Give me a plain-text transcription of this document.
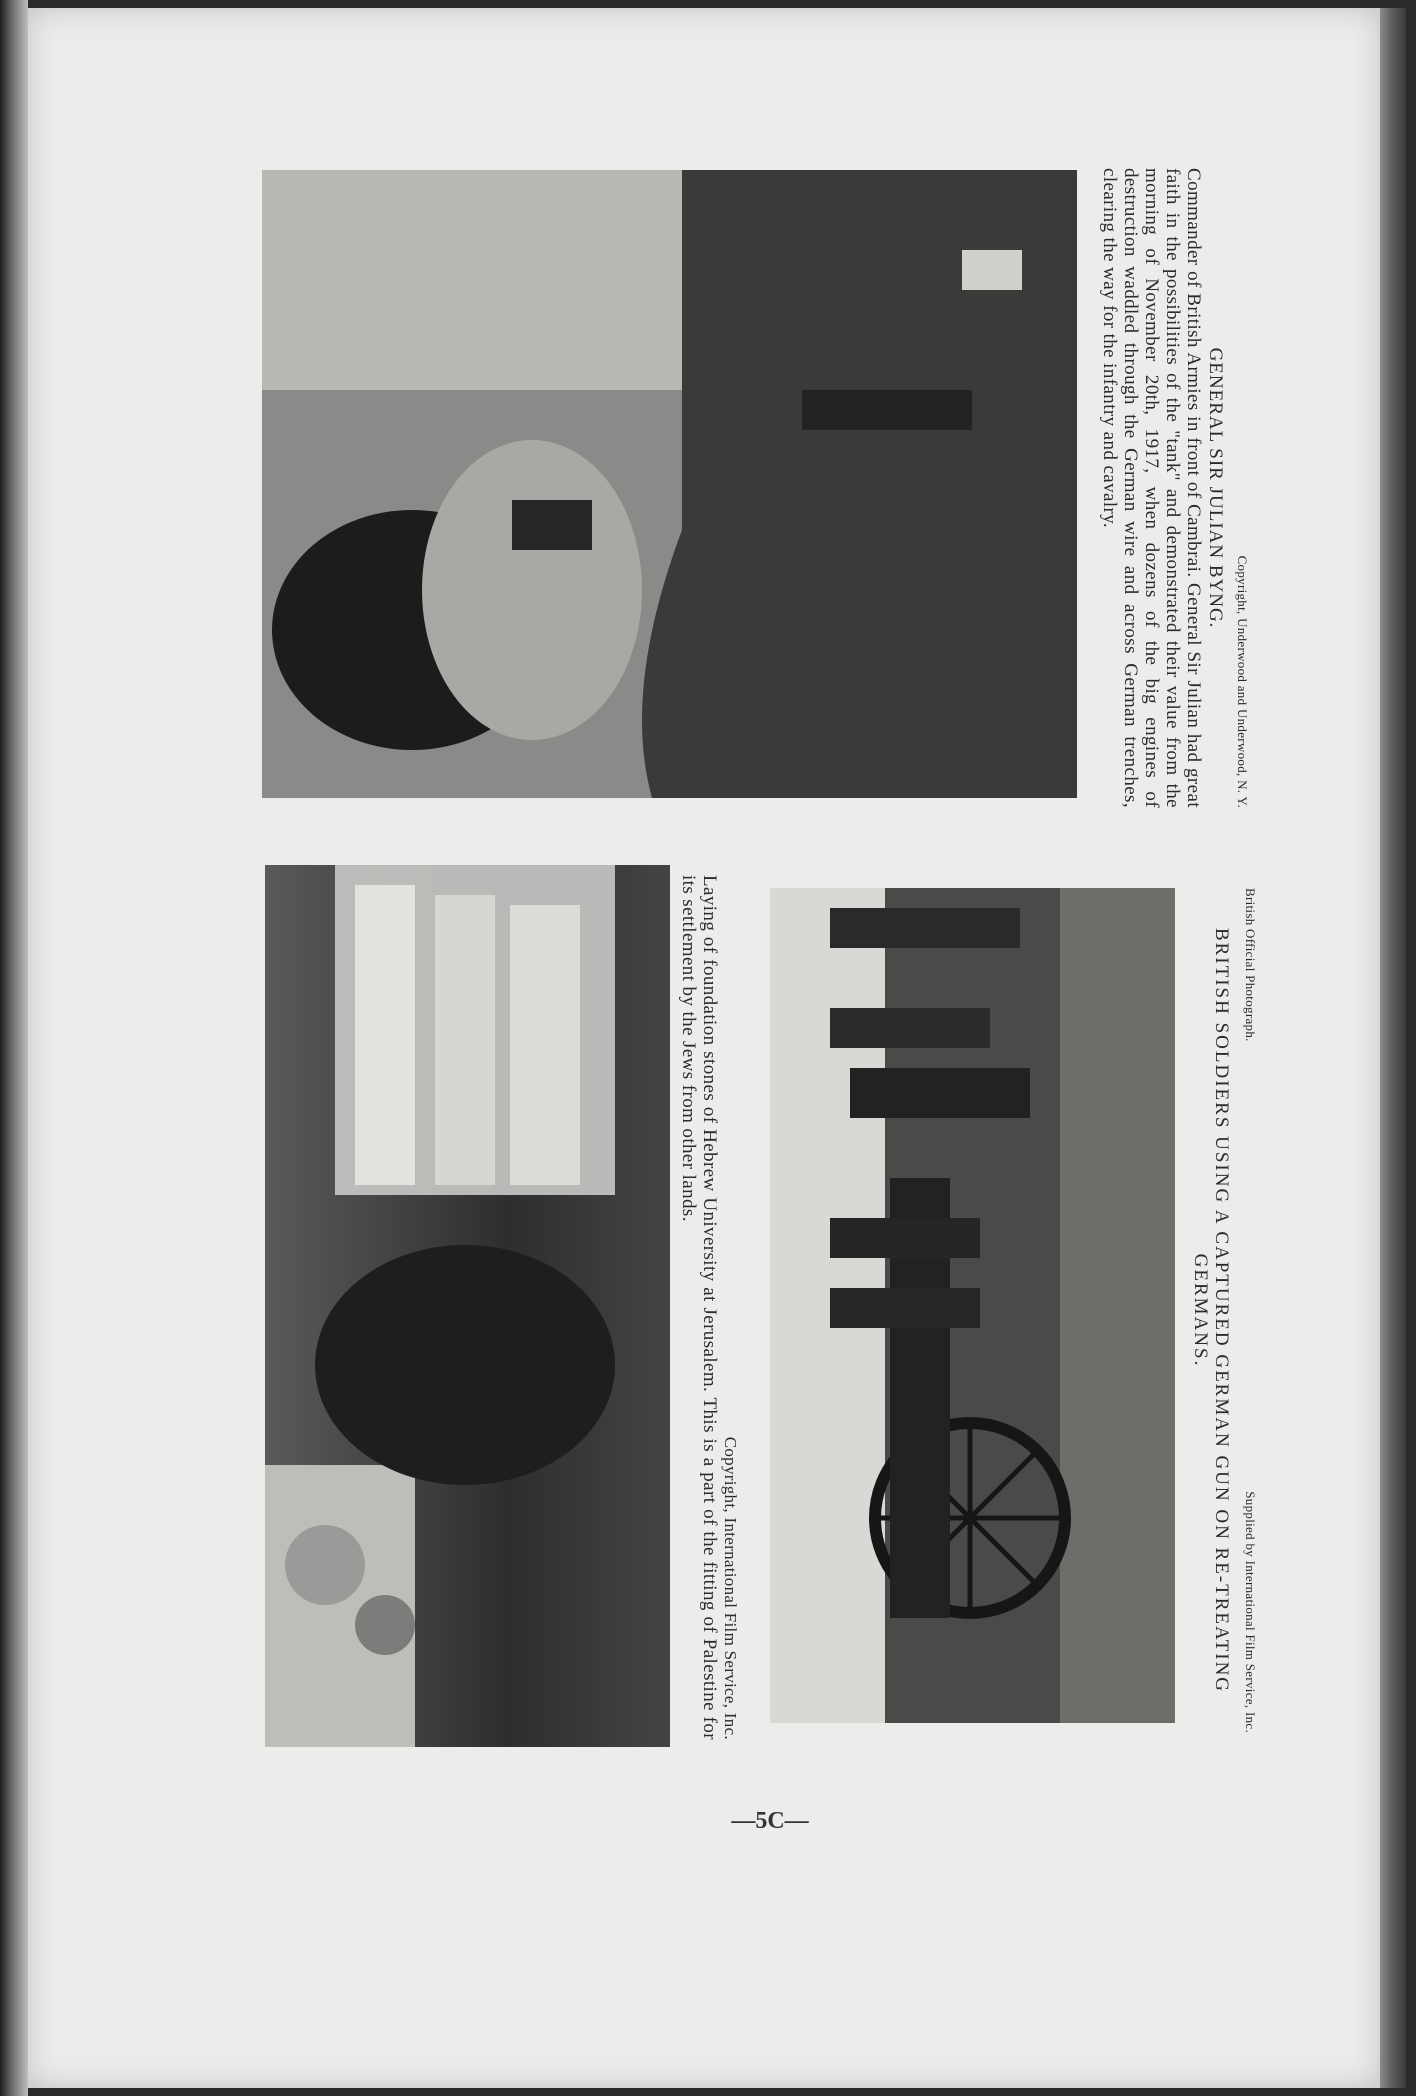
Copyright, International Film Service, Inc.

Laying of foundation stones of Hebrew University at Jerusalem. This is a part of the fitting of Palestine for its settlement by the Jews from other lands.	British Official Photograph.
Supplied by International Film Service, Inc.

BRITISH SOLDIERS USING A CAPTURED GERMAN GUN ON RE-TREATING GERMANS.

Copyright, Underwood and Underwood, N. Y.

GENERAL SIR JULIAN BYNG.

Commander of British Armies in front of Cambrai. General Sir Julian had great faith in the possibilities of the "tank" and demonstrated their value from the morning of November 20th, 1917, when dozens of the big engines of destruction waddled through the German wire and across German trenches, clearing the way for the infantry and cavalry.

—5C—
